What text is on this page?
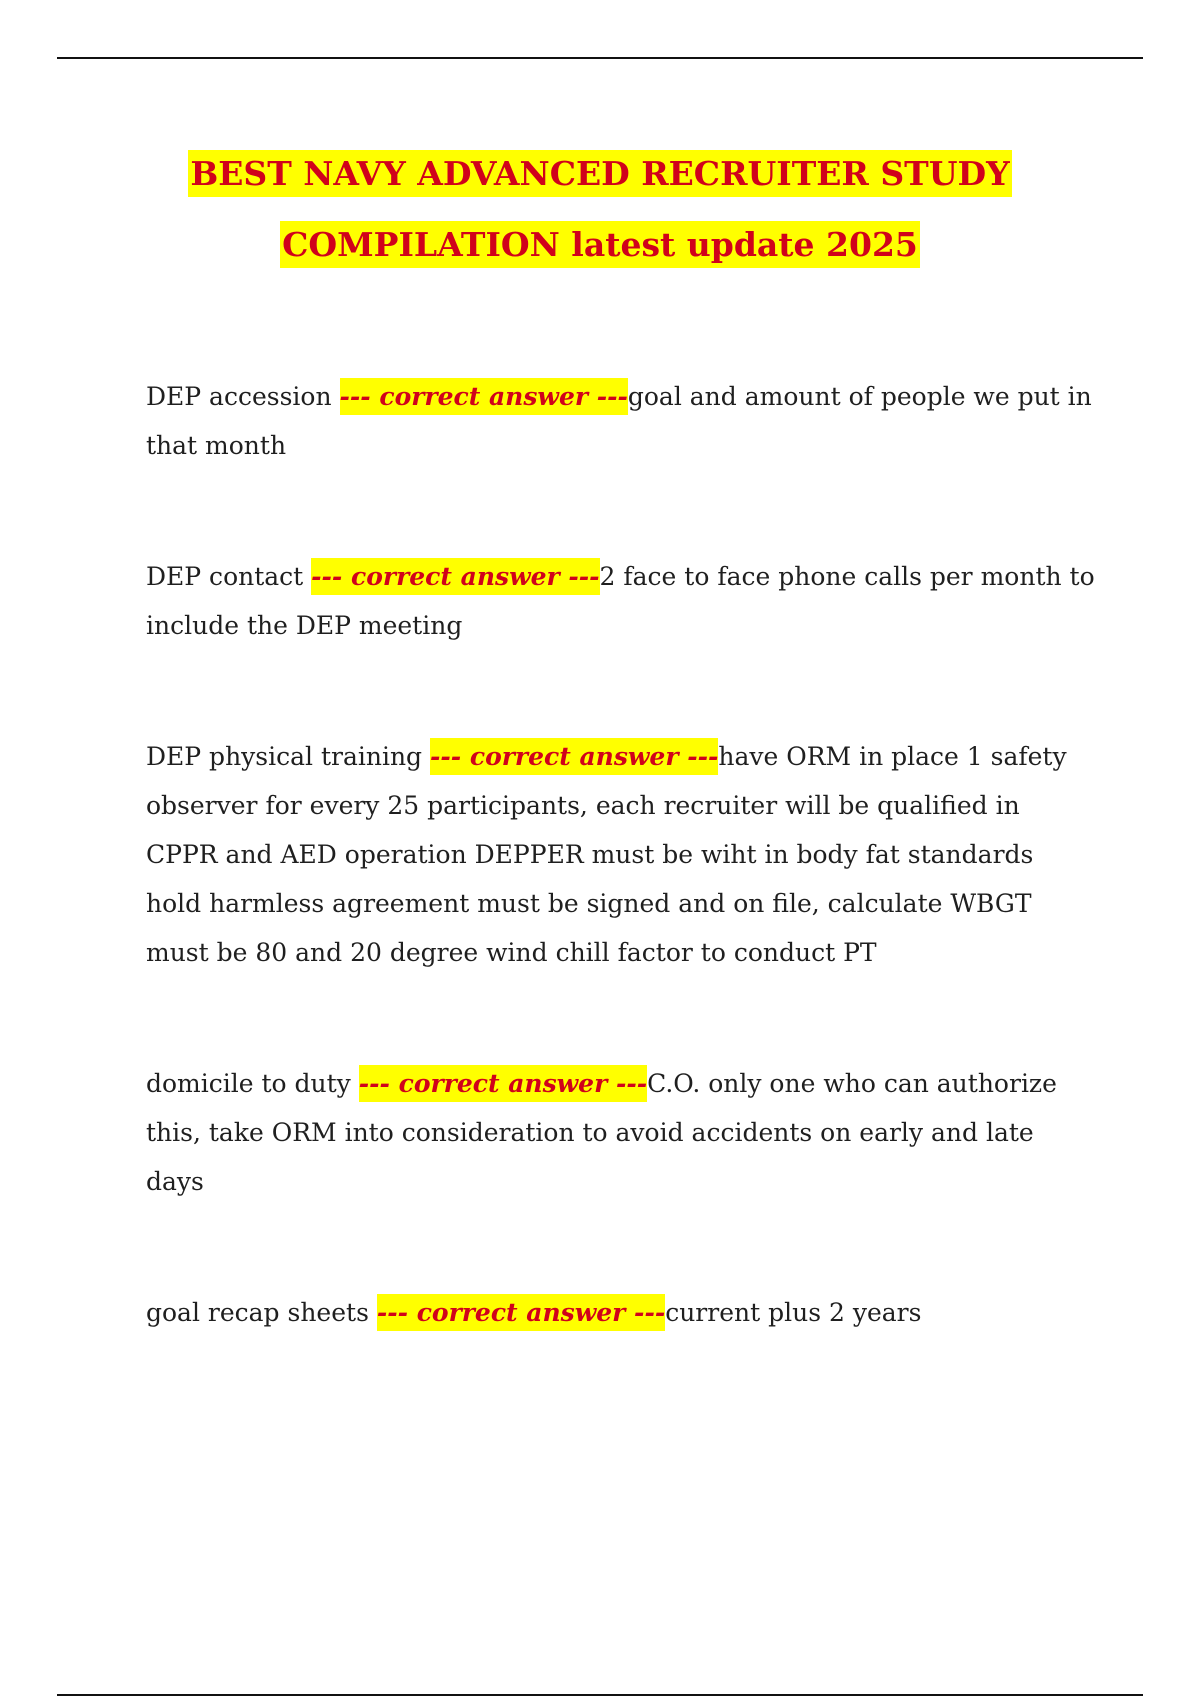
BEST NAVY ADVANCED RECRUITER STUDY
COMPILATION latest update 2025

DEP accession --- correct answer ---goal and amount of people we put in that month

DEP contact --- correct answer ---2 face to face phone calls per month to include the DEP meeting

DEP physical training --- correct answer ---have ORM in place 1 safety observer for every 25 participants, each recruiter will be qualified in CPPR and AED operation DEPPER must be wiht in body fat standards hold harmless agreement must be signed and on file, calculate WBGT must be 80 and 20 degree wind chill factor to conduct PT

domicile to duty --- correct answer ---C.O. only one who can authorize this, take ORM into consideration to avoid accidents on early and late days

goal recap sheets --- correct answer ---current plus 2 years
